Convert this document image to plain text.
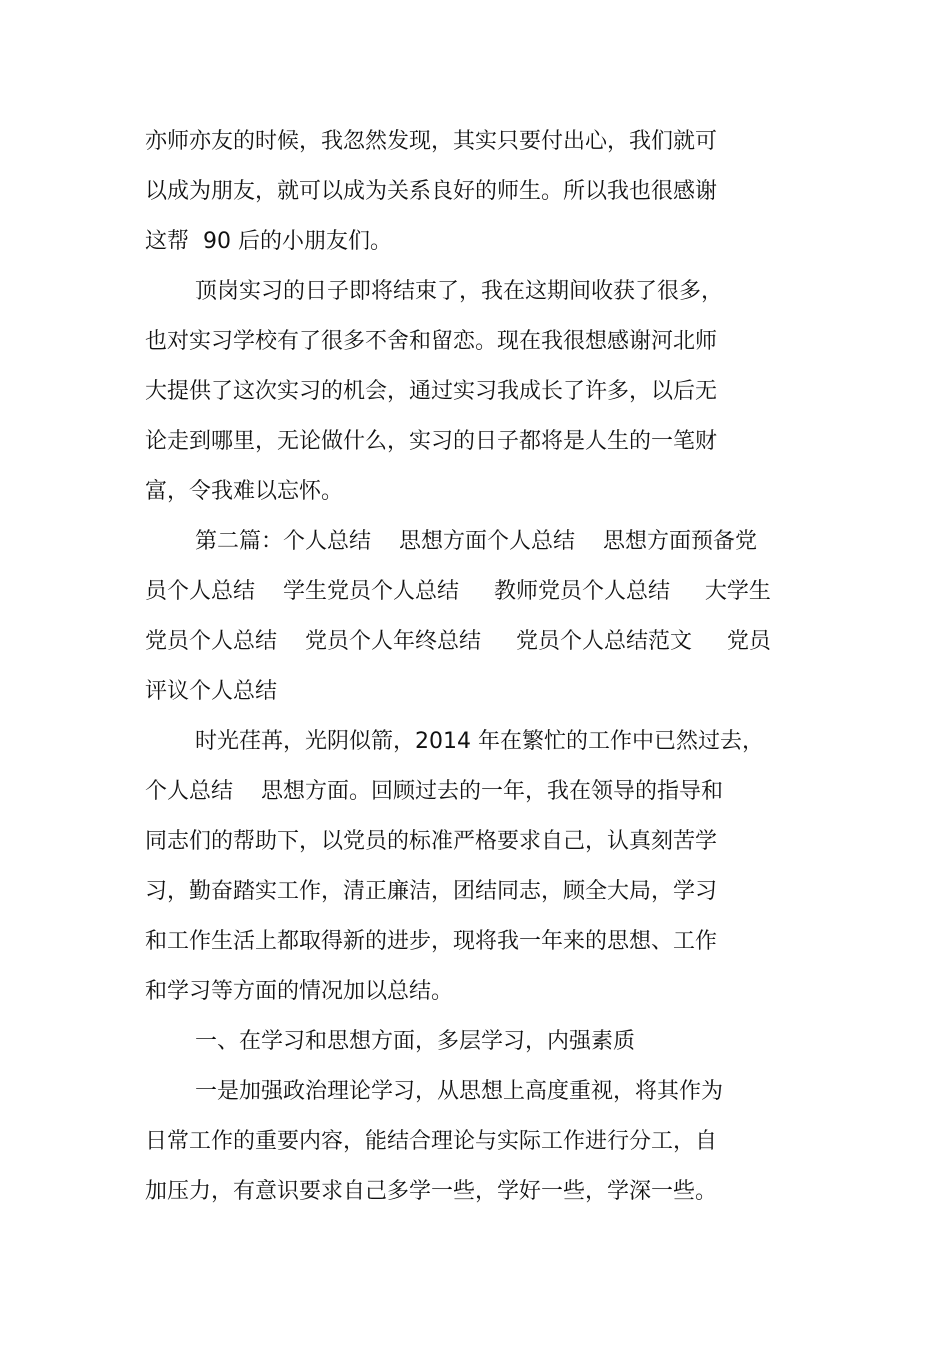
亦师亦友的时候，我忽然发现，其实只要付出心，我们就可
以成为朋友，就可以成为关系良好的师生。所以我也很感谢
这帮  90 后的小朋友们。
顶岗实习的日子即将结束了，我在这期间收获了很多，
也对实习学校有了很多不舍和留恋。现在我很想感谢河北师
大提供了这次实习的机会，通过实习我成长了许多，以后无
论走到哪里，无论做什么，实习的日子都将是人生的一笔财
富，令我难以忘怀。
第二篇：个人总结    思想方面个人总结    思想方面预备党
员个人总结    学生党员个人总结     教师党员个人总结     大学生
党员个人总结    党员个人年终总结     党员个人总结范文     党员
评议个人总结
时光荏苒，光阴似箭，2014 年在繁忙的工作中已然过去，
个人总结    思想方面。回顾过去的一年，我在领导的指导和
同志们的帮助下，以党员的标准严格要求自己，认真刻苦学
习，勤奋踏实工作，清正廉洁，团结同志，顾全大局，学习
和工作生活上都取得新的进步，现将我一年来的思想、工作
和学习等方面的情况加以总结。
一、在学习和思想方面，多层学习，内强素质
一是加强政治理论学习，从思想上高度重视，将其作为
日常工作的重要内容，能结合理论与实际工作进行分工，自
加压力，有意识要求自己多学一些，学好一些，学深一些。
